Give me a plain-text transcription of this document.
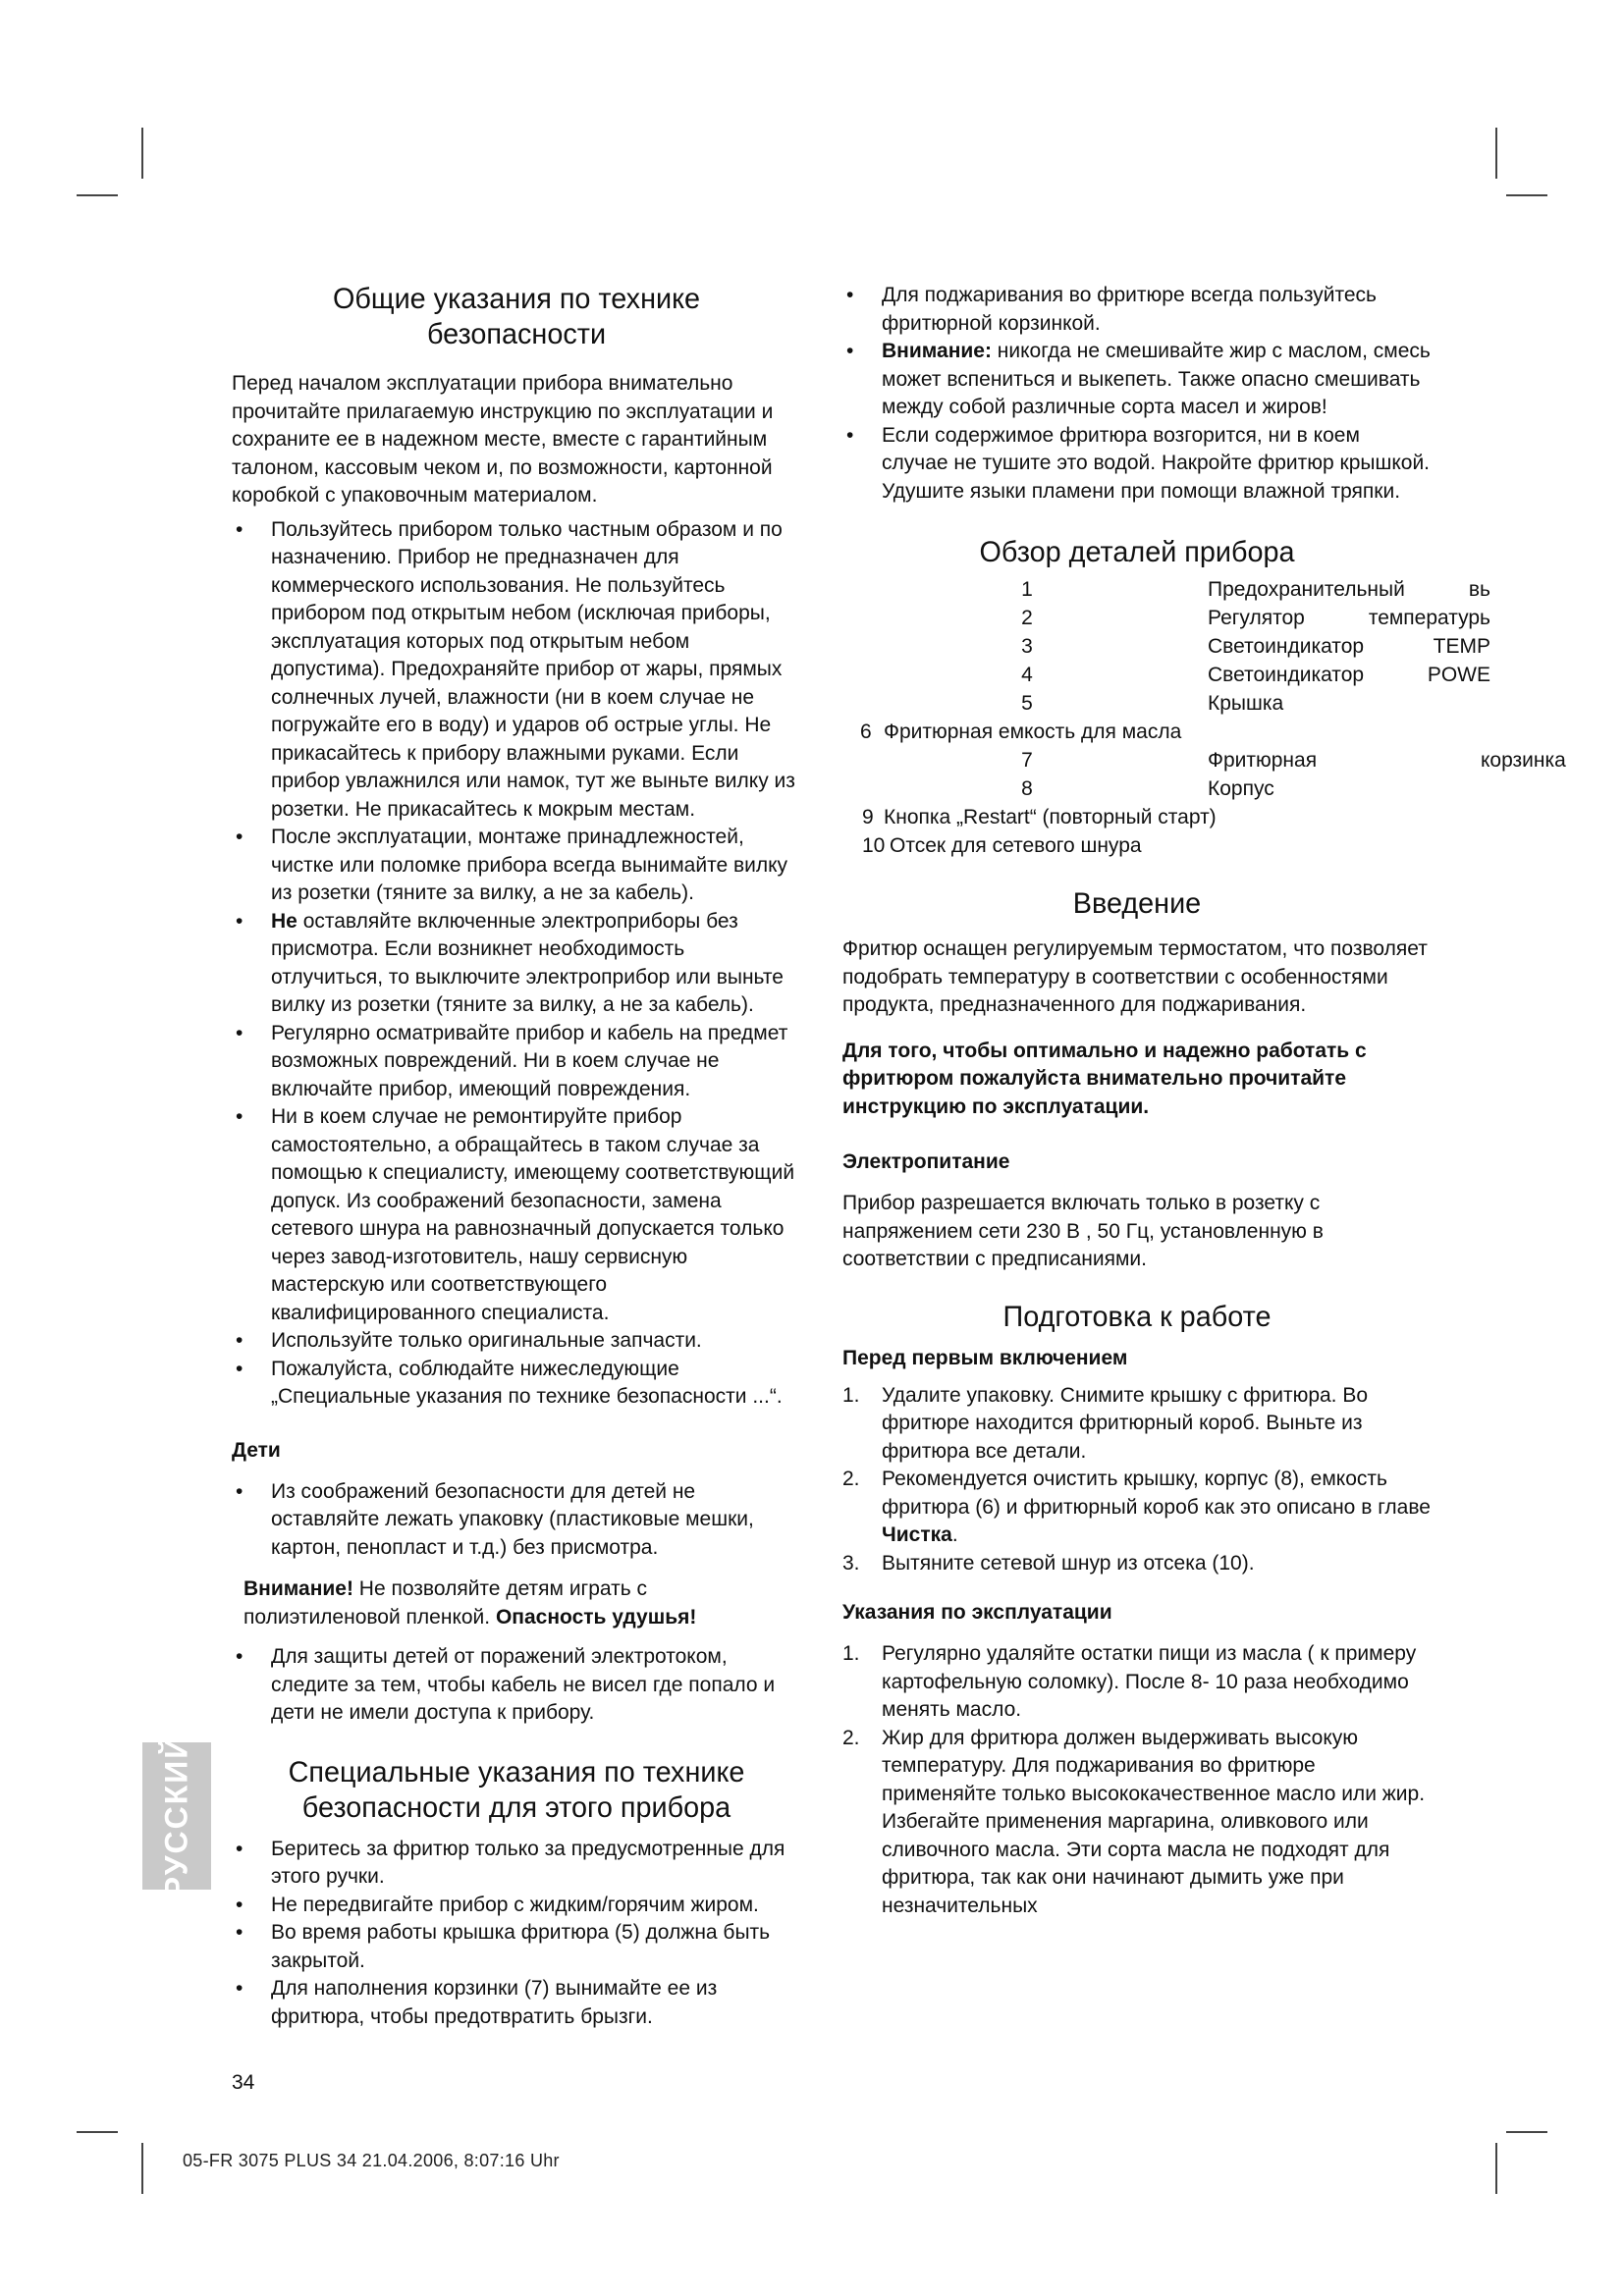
Общие указания по технике безопасности

Перед началом эксплуатации прибора внимательно прочитайте прилагаемую инструкцию по эксплуатации и сохраните ее в надежном месте, вместе с гарантийным талоном, кассовым чеком и, по возможности, картонной коробкой с упаковочным материалом.

• Пользуйтесь прибором только частным образом и по назначению. Прибор не предназначен для коммерческого использования. Не пользуйтесь прибором под открытым небом (исключая приборы, эксплуатация которых под открытым небом допустима). Предохраняйте прибор от жары, прямых солнечных лучей, влажности (ни в коем случае не погружайте его в воду) и ударов об острые углы. Не прикасайтесь к прибору влажными руками. Если прибор увлажнился или намок, тут же выньте вилку из розетки. Не прикасайтесь к мокрым местам.
• После эксплуатации, монтаже принадлежностей, чистке или поломке прибора всегда вынимайте вилку из розетки (тяните за вилку, а не за кабель).
• Не оставляйте включенные электроприборы без присмотра. Если возникнет необходимость отлучиться, то выключите электроприбор или выньте вилку из розетки (тяните за вилку, а не за кабель).
• Регулярно осматривайте прибор и кабель на предмет возможных повреждений. Ни в коем случае не включайте прибор, имеющий повреждения.
• Ни в коем случае не ремонтируйте прибор самостоятельно, а обращайтесь в таком случае за помощью к специалисту, имеющему соответствующий допуск. Из соображений безопасности, замена сетевого шнура на равнозначный допускается только через завод-изготовитель, нашу сервисную мастерскую или соответствующего квалифицированного специалиста.
• Используйте только оригинальные запчасти.
• Пожалуйста, соблюдайте нижеследующие „Специальные указания по технике безопасности ...“.
Дети
• Из соображений безопасности для детей не оставляйте лежать упаковку (пластиковые мешки, картон, пенопласт и т.д.) без присмотра.
Внимание! Не позволяйте детям играть с полиэтиленовой пленкой. Опасность удушья!
• Для защиты детей от поражений электротоком, следите за тем, чтобы кабель не висел где попало и дети не имели доступа к прибору.
Специальные указания по технике
безопасности для этого прибора
• Беритесь за фритюр только за предусмотренные для этого ручки.
• Не передвигайте прибор с жидким/горячим жиром.
• Во время работы крышка фритюра (5) должна быть закрытой.
• Для наполнения корзинки (7) вынимайте ее из фритюра, чтобы предотвратить брызги.
• Для поджаривания во фритюре всегда пользуйтесь фритюрной корзинкой.
• Внимание: никогда не смешивайте жир с маслом, смесь может вспениться и выкепеть. Также опасно смешивать между собой различные сорта масел и жиров!
• Если содержимое фритюра возгорится, ни в коем случае не тушите это водой. Накройте фритюр крышкой. Удушите языки пламени при помощи влажной тряпки.
Обзор деталей прибора
1	Предохранительный	вь
2	Регулятор	температурь
3	Светоиндикатор	TEMP
4	Светоиндикатор	POWE
5	Крышка
6 Фритюрная емкость для масла
7	Фритюрная	корзинка
8	Корпус
9 Кнопка „Restart“ (повторный старт)
10 Отсек для сетевого шнура
Введение

Фритюр оснащен регулируемым термостатом, что позволяет подобрать температуру в соответствии с особенностями продукта, предназначенного для поджаривания.

Для того, чтобы оптимально и надежно работать с фритюром пожалуйста внимательно прочитайте инструкцию по эксплуатации.

Электропитание

Прибор разрешается включать только в розетку с напряжением сети 230 В , 50 Гц, установленную в соответствии с предписаниями.

Подготовка к работе
Перед первым включением
1. Удалите упаковку. Снимите крышку с фритюра. Во фритюре находится фритюрный короб. Выньте из фритюра все детали.
2. Рекомендуется очистить крышку, корпус (8), емкость фритюра (6) и фритюрный короб как это описано в главе Чистка.
3. Вытяните сетевой шнур из отсека (10).
Указания по эксплуатации
1. Регулярно удаляйте остатки пищи из масла ( к примеру картофельную соломку). После 8- 10 раза необходимо менять масло.
2. Жир для фритюра должен выдерживать высокую температуру. Для поджаривания во фритюре применяйте только высококачественное масло или жир. Избегайте применения маргарина, оливкового или сливочного масла. Эти сорта масла не подходят для фритюра, так как они начинают дымить уже при незначительных
РУССКИЙ
34
05-FR 3075 PLUS 34 21.04.2006, 8:07:16 Uhr
